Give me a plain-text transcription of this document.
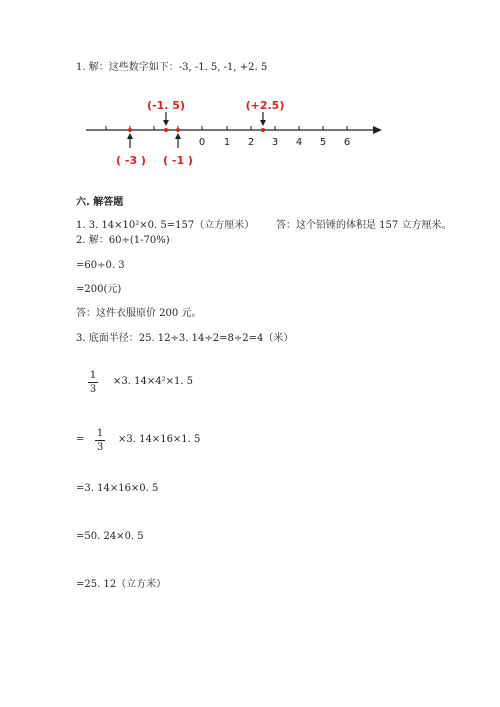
1. 解：这些数字如下：-3, -1. 5, -1, +2. 5
0 1 2 3 4 5 6
(-1. 5)	(+2.5)
( -3 ) ( -1 )
六. 解答题
1. 3. 14×10²×0. 5=157（立方厘米） 答：这个铅锤的体积是 157 立方厘米。
2. 解：60÷(1-70%)
=60÷0. 3
=200(元)
答：这件衣服原价 200 元。
3. 底面半径：25. 12÷3. 14÷2=8÷2=4（米）
1
3
×3. 14×4²×1. 5
=
1
3
×3. 14×16×1. 5
=3. 14×16×0. 5
=50. 24×0. 5
=25. 12（立方米）
